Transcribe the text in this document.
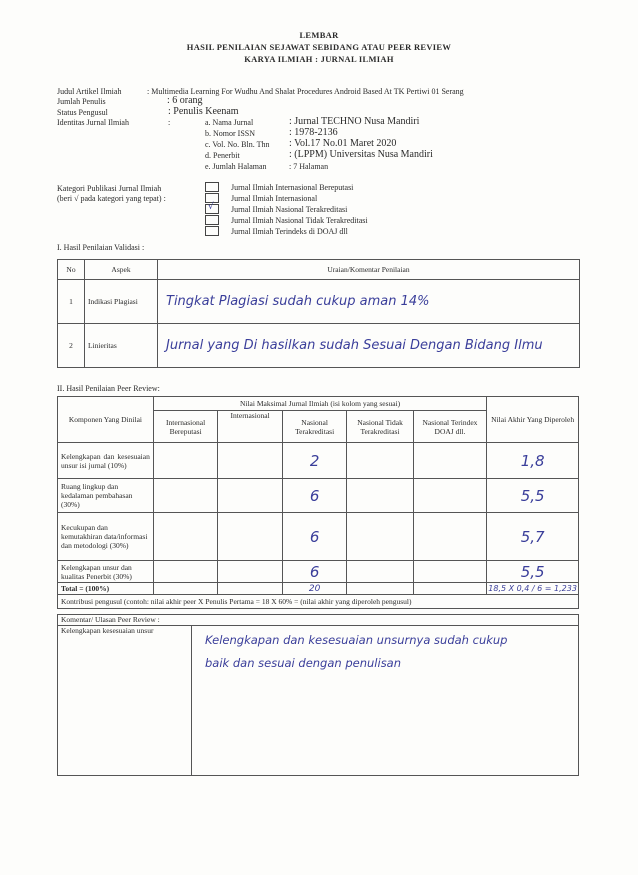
LEMBAR
HASIL PENILAIAN SEJAWAT SEBIDANG ATAU PEER REVIEW
KARYA ILMIAH : JURNAL ILMIAH
Judul Artikel Ilmiah	: Multimedia Learning For Wudhu And Shalat Procedures Android Based At TK Pertiwi 01 Serang
Jumlah Penulis	: 6 orang
Status Pengusul	: Penulis Keenam
Identitas Jurnal Ilmiah	:	a. Nama Jurnal	: Jurnal TECHNO Nusa Mandiri
b. Nomor ISSN	: 1978-2136
c. Vol. No. Bln. Thn : Vol.17 No.01 Maret 2020
d. Penerbit	: (LPPM) Universitas Nusa Mandiri
e. Jumlah Halaman	: 7 Halaman
Kategori Publikasi Jurnal Ilmiah
(beri √ pada kategori yang tepat) :
Jurnal Ilmiah Internasional Bereputasi
Jurnal Ilmiah Internasional
√ Jurnal Ilmiah Nasional Terakreditasi
Jurnal Ilmiah Nasional Tidak Terakreditasi
Jurnal Ilmiah Terindeks di DOAJ dll
I. Hasil Penilaian Validasi :
No	Aspek	Uraian/Komentar Penilaian
1	Indikasi Plagiasi	Tingkat Plagiasi sudah cukup aman 14%
2	Linieritas	Jurnal yang Di hasilkan sudah Sesuai Dengan Bidang Ilmu
II. Hasil Penilaian Peer Review:
Komponen Yang Dinilai	Nilai Maksimal Jurnal Ilmiah (isi kolom yang sesuai)					Nilai Akhir Yang Diperoleh
	Internasional Bereputasi	Internasional	Nasional Terakreditasi	Nasional Tidak Terakreditasi	Nasional Terindex DOAJ dll.	
Kelengkapan dan kesesuaian unsur isi jurnal (10%)			2			1,8
Ruang lingkup dan kedalaman pembahasan (30%)			6			5,5
Kecukupan dan kemutakhiran data/informasi dan metodologi (30%)			6			5,7
Kelengkapan unsur dan kualitas Penerbit (30%)			6			5,5
Total = (100%)			20			18,5 X 0,4 / 6 = 1,233
Kontribusi pengusul (contoh: nilai akhir peer X Penulis Pertama = 18 X 60% = (nilai akhir yang diperoleh pengusul)						
Komentar/ Ulasan Peer Review :
Kelengkapan kesesuaian unsur
Kelengkapan dan kesesuaian unsurnya sudah cukup
baik dan sesuai dengan penulisan
